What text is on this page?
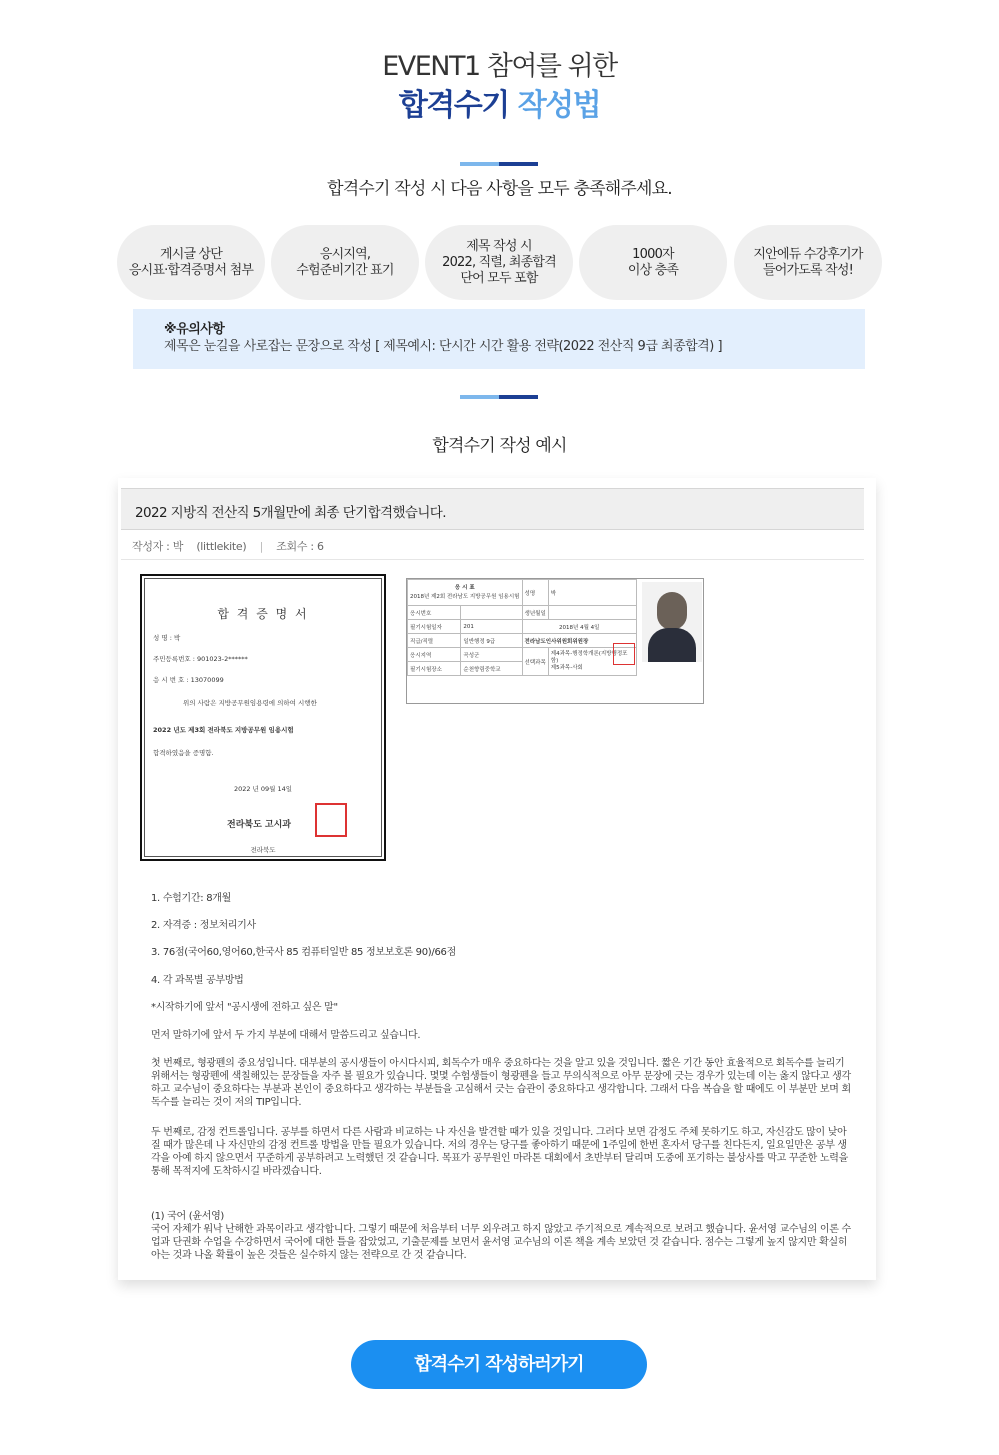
EVENT1 참여를 위한
합격수기 작성법
합격수기 작성 시 다음 사항을 모두 충족해주세요.
게시글 상단
응시표·합격증명서 첨부
응시지역,
수험준비기간 표기
제목 작성 시
2022, 직렬, 최종합격
단어 모두 포함
1000자
이상 충족
지안에듀 수강후기가
들어가도록 작성!
※유의사항
제목은 눈길을 사로잡는 문장으로 작성 [ 제목예시: 단시간 시간 활용 전략(2022 전산직 9급 최종합격) ]
합격수기 작성 예시
2022 지방직 전산직 5개월만에 최종 단기합격했습니다.
작성자 : 박 (littlekite) | 조회수 : 6
합 격 증 명 서
성 명 : 박
주민등록번호 : 901023-2******
응 시 번 호 : 13070099
위의 사람은 지방공무원임용령에 의하여 시행한
2022 년도 제3회 전라북도 지방공무원 임용시험
합격하였음을 증명함.
2022 년 09월 14일
전라북도 고시과
전라북도
응 시 표
2018년 제2회 전라남도 지방공무원 임용시험		성명	박
응시번호		생년월일	
필기시험일자	201	2018년 4월 4일	
직급/직렬	일반행정 9급	전라남도인사위원회위원장	
응시지역	곡성군	선택과목	제4과목-행정학개론(지방행정포함)
제5과목-사회
필기시험장소	순천향림중학교		
1. 수험기간: 8개월
2. 자격증 : 정보처리기사
3. 76점(국어60,영어60,한국사 85 컴퓨터일반 85 정보보호론 90)/66점
4. 각 과목별 공부방법
*시작하기에 앞서 "공시생에 전하고 싶은 말"
먼저 말하기에 앞서 두 가지 부분에 대해서 말씀드리고 싶습니다.
첫 번째로, 형광펜의 중요성입니다. 대부분의 공시생들이 아시다시피, 회독수가 매우 중요하다는 것을 알고 있을 것입니다. 짧은 기간 동안 효율적으로 회독수를 늘리기 위해서는 형광펜에 색칠해있는 문장들을 자주 볼 필요가 있습니다. 몇몇 수험생들이 형광펜을 들고 무의식적으로 아무 문장에 긋는 경우가 있는데 이는 옳지 않다고 생각하고 교수님이 중요하다는 부분과 본인이 중요하다고 생각하는 부분들을 고심해서 긋는 습관이 중요하다고 생각합니다. 그래서 다음 복습을 할 때에도 이 부분만 보며 회독수를 늘리는 것이 저의 TIP입니다.
두 번째로, 감정 컨트롤입니다. 공부를 하면서 다른 사람과 비교하는 나 자신을 발견할 때가 있을 것입니다. 그러다 보면 감정도 주체 못하기도 하고, 자신감도 많이 낮아질 때가 많은데 나 자신만의 감정 컨트롤 방법을 만들 필요가 있습니다. 저의 경우는 당구를 좋아하기 때문에 1주일에 한번 혼자서 당구를 친다든지, 일요일만은 공부 생각을 아예 하지 않으면서 꾸준하게 공부하려고 노력했던 것 같습니다. 목표가 공무원인 마라톤 대회에서 초반부터 달리며 도중에 포기하는 불상사를 막고 꾸준한 노력을 통해 목적지에 도착하시길 바라겠습니다.
(1) 국어 (윤서영)
국어 자체가 워낙 난해한 과목이라고 생각합니다. 그렇기 때문에 처음부터 너무 외우려고 하지 않았고 주기적으로 계속적으로 보려고 했습니다. 윤서영 교수님의 이론 수업과 단권화 수업을 수강하면서 국어에 대한 틀을 잡았었고, 기출문제를 보면서 윤서영 교수님의 이론 책을 계속 보았던 것 같습니다. 점수는 그렇게 높지 않지만 확실히 아는 것과 나올 확률이 높은 것들은 실수하지 않는 전략으로 간 것 같습니다.
합격수기 작성하러가기
